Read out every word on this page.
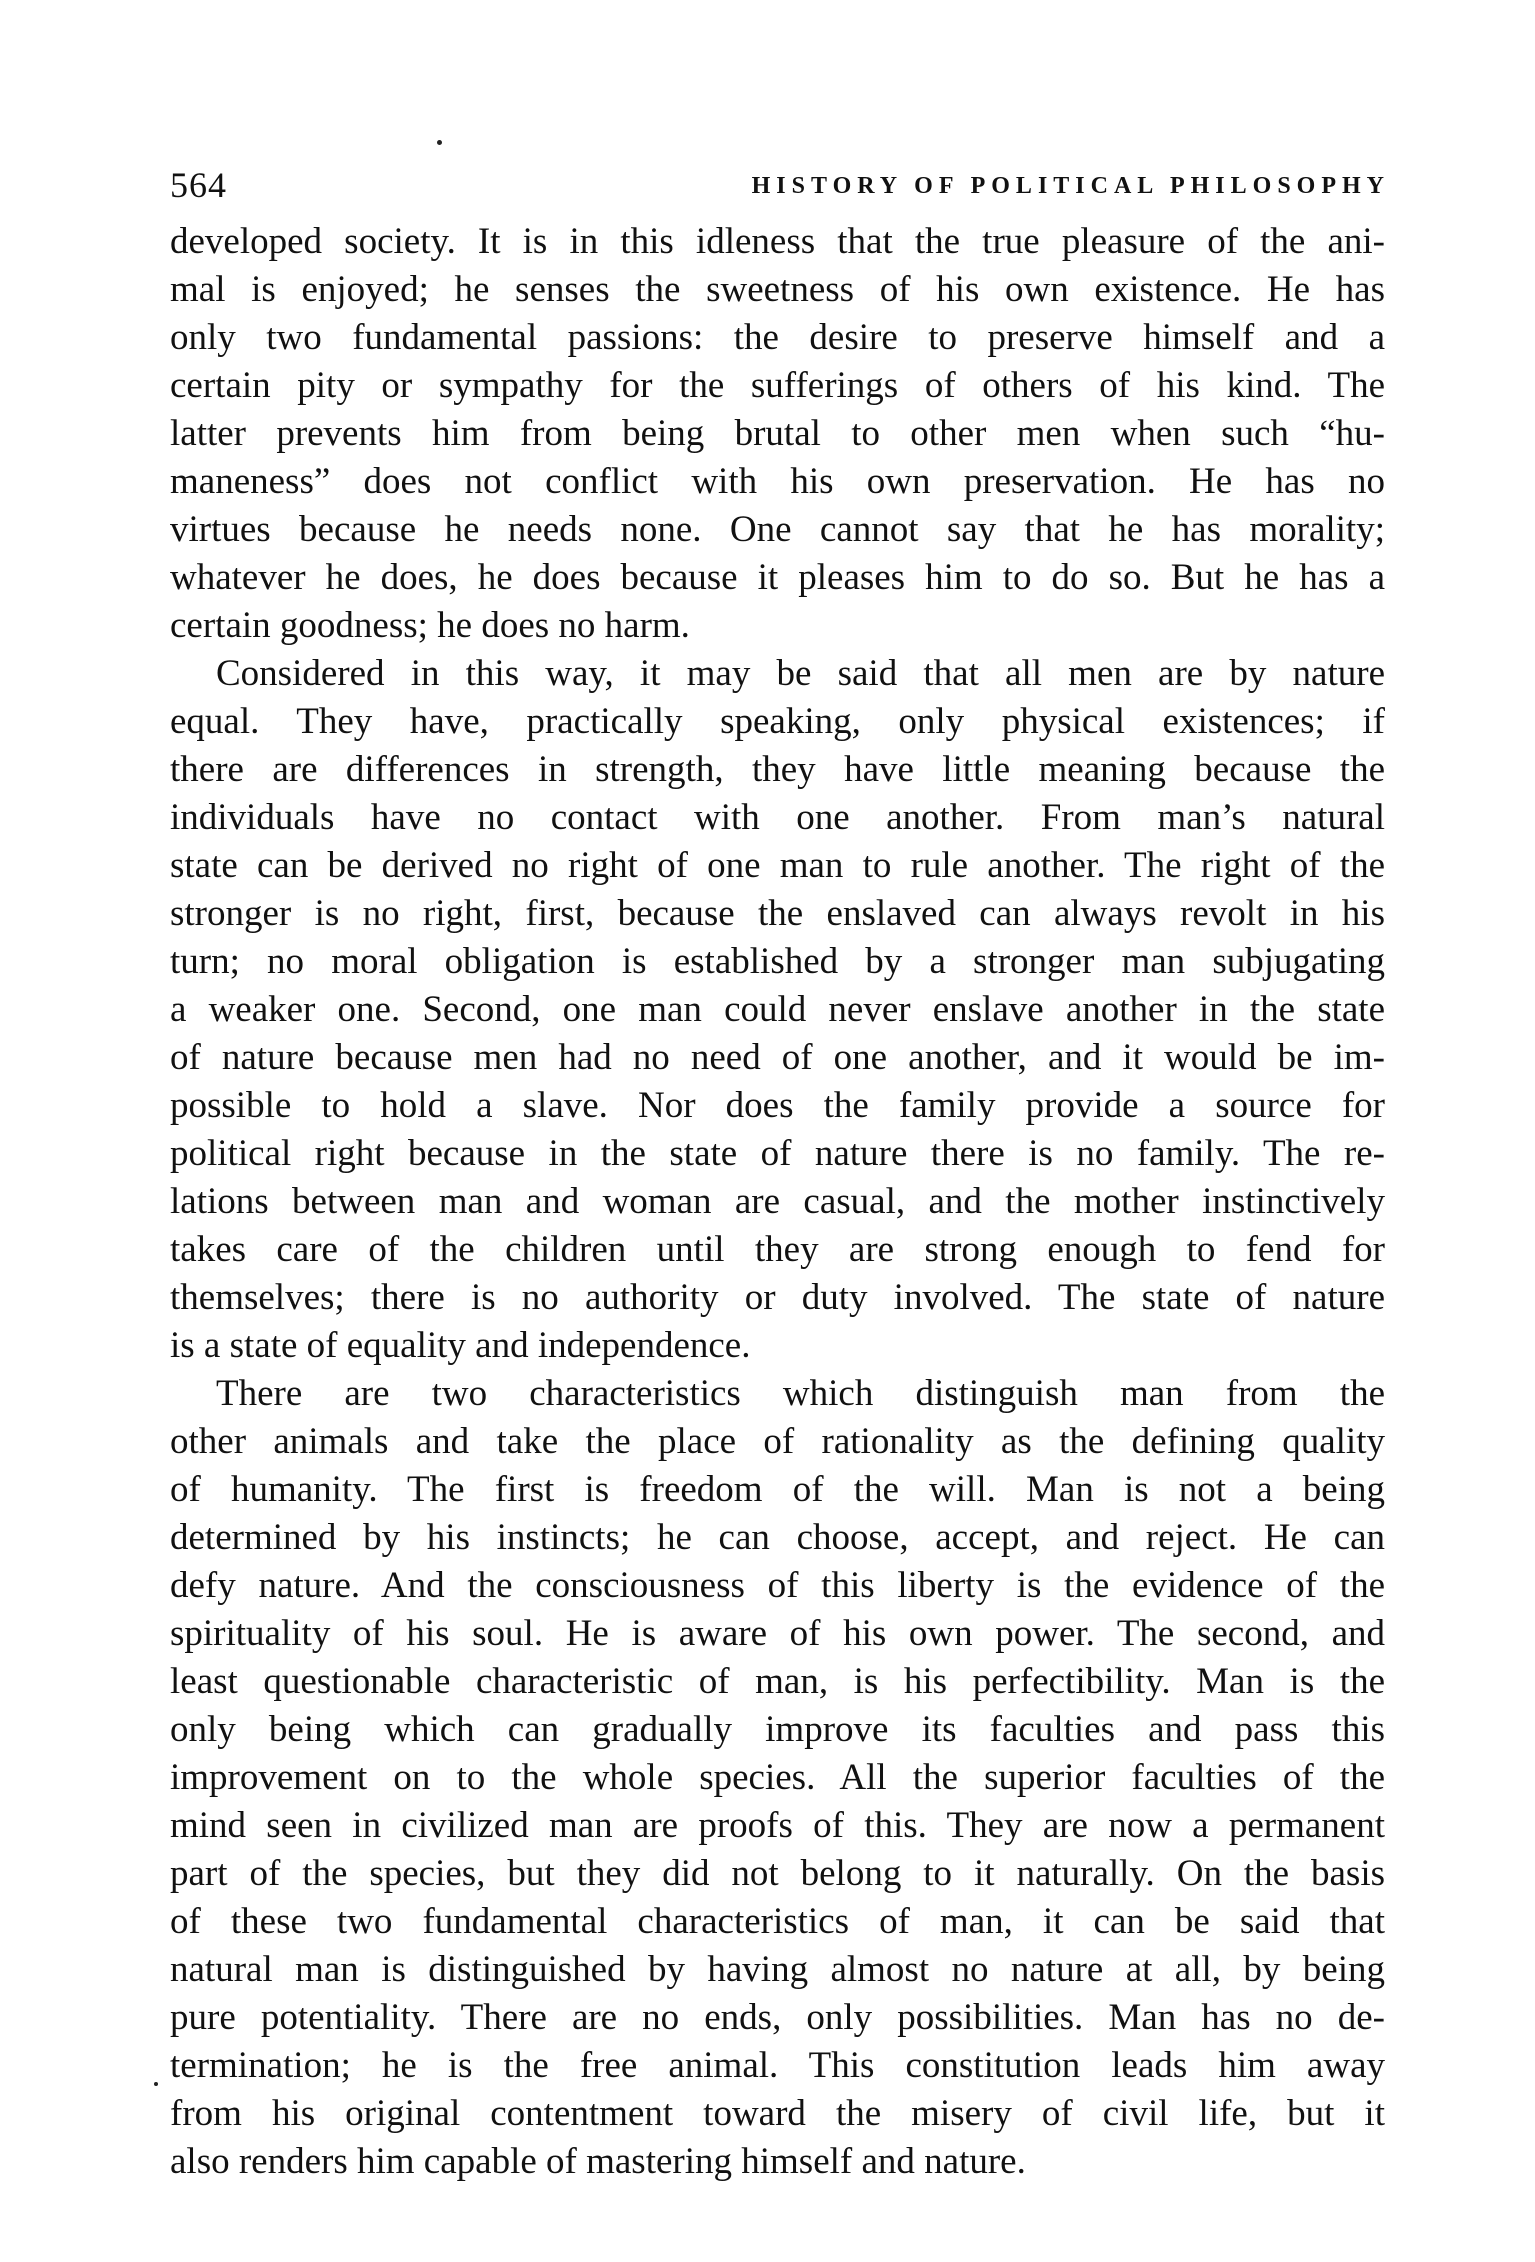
564	HISTORY OF POLITICAL PHILOSOPHY

developed society. It is in this idleness that the true pleasure of the ani-
mal is enjoyed; he senses the sweetness of his own existence. He has
only two fundamental passions: the desire to preserve himself and a
certain pity or sympathy for the sufferings of others of his kind. The
latter prevents him from being brutal to other men when such “hu-
maneness” does not conflict with his own preservation. He has no
virtues because he needs none. One cannot say that he has morality;
whatever he does, he does because it pleases him to do so. But he has a
certain goodness; he does no harm.

Considered in this way, it may be said that all men are by nature
equal. They have, practically speaking, only physical existences; if
there are differences in strength, they have little meaning because the
individuals have no contact with one another. From man’s natural
state can be derived no right of one man to rule another. The right of the
stronger is no right, first, because the enslaved can always revolt in his
turn; no moral obligation is established by a stronger man subjugating
a weaker one. Second, one man could never enslave another in the state
of nature because men had no need of one another, and it would be im-
possible to hold a slave. Nor does the family provide a source for
political right because in the state of nature there is no family. The re-
lations between man and woman are casual, and the mother instinctively
takes care of the children until they are strong enough to fend for
themselves; there is no authority or duty involved. The state of nature
is a state of equality and independence.

There are two characteristics which distinguish man from the
other animals and take the place of rationality as the defining quality
of humanity. The first is freedom of the will. Man is not a being
determined by his instincts; he can choose, accept, and reject. He can
defy nature. And the consciousness of this liberty is the evidence of the
spirituality of his soul. He is aware of his own power. The second, and
least questionable characteristic of man, is his perfectibility. Man is the
only being which can gradually improve its faculties and pass this
improvement on to the whole species. All the superior faculties of the
mind seen in civilized man are proofs of this. They are now a permanent
part of the species, but they did not belong to it naturally. On the basis
of these two fundamental characteristics of man, it can be said that
natural man is distinguished by having almost no nature at all, by being
pure potentiality. There are no ends, only possibilities. Man has no de-
termination; he is the free animal. This constitution leads him away
from his original contentment toward the misery of civil life, but it
also renders him capable of mastering himself and nature.
